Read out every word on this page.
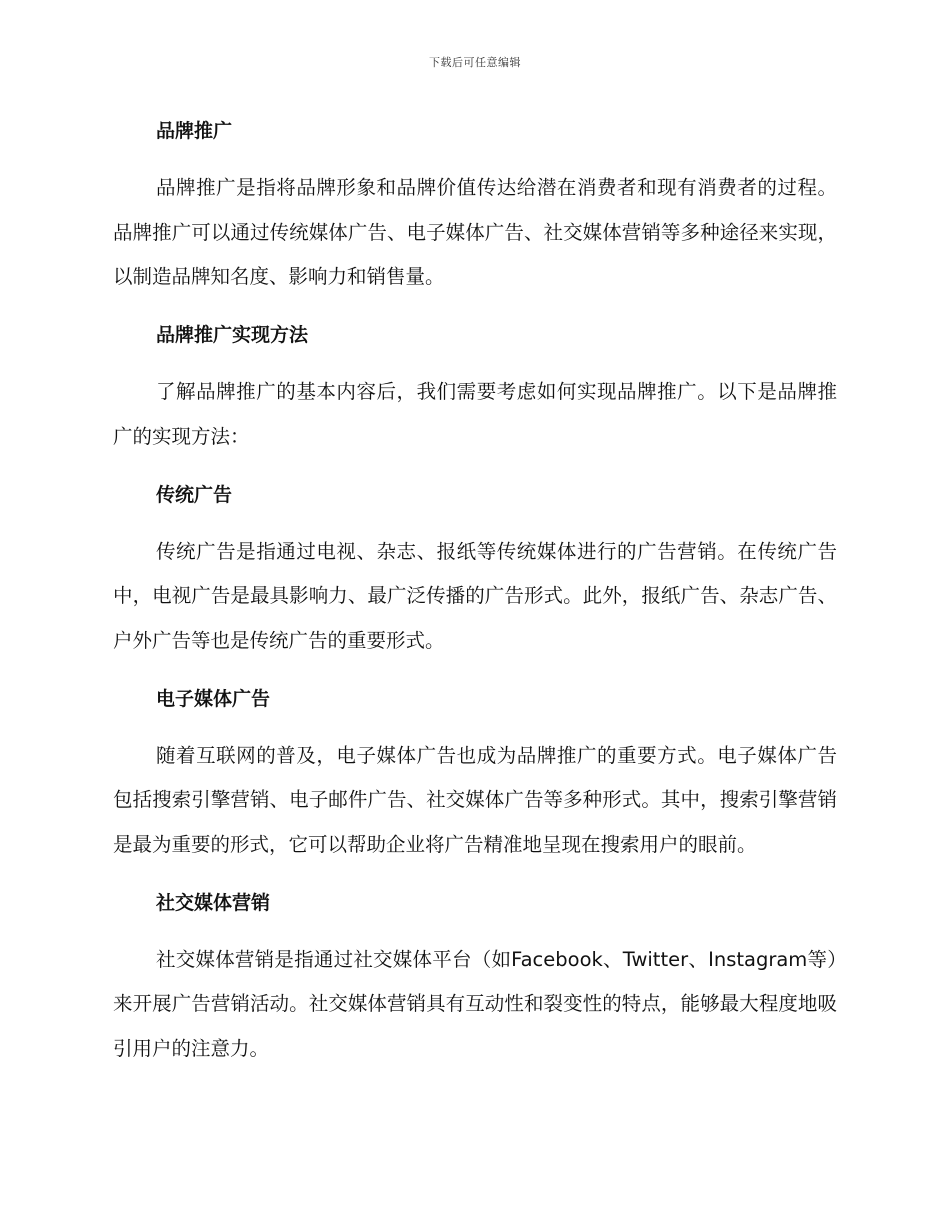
下载后可任意编辑
品牌推广

品牌推广是指将品牌形象和品牌价值传达给潜在消费者和现有消费者的过程。品牌推广可以通过传统媒体广告、电子媒体广告、社交媒体营销等多种途径来实现，以制造品牌知名度、影响力和销售量。

品牌推广实现方法

了解品牌推广的基本内容后，我们需要考虑如何实现品牌推广。以下是品牌推广的实现方法：

传统广告

传统广告是指通过电视、杂志、报纸等传统媒体进行的广告营销。在传统广告中，电视广告是最具影响力、最广泛传播的广告形式。此外，报纸广告、杂志广告、户外广告等也是传统广告的重要形式。

电子媒体广告

随着互联网的普及，电子媒体广告也成为品牌推广的重要方式。电子媒体广告包括搜索引擎营销、电子邮件广告、社交媒体广告等多种形式。其中，搜索引擎营销是最为重要的形式，它可以帮助企业将广告精准地呈现在搜索用户的眼前。

社交媒体营销

社交媒体营销是指通过社交媒体平台（如Facebook、Twitter、Instagram等）来开展广告营销活动。社交媒体营销具有互动性和裂变性的特点，能够最大程度地吸引用户的注意力。
